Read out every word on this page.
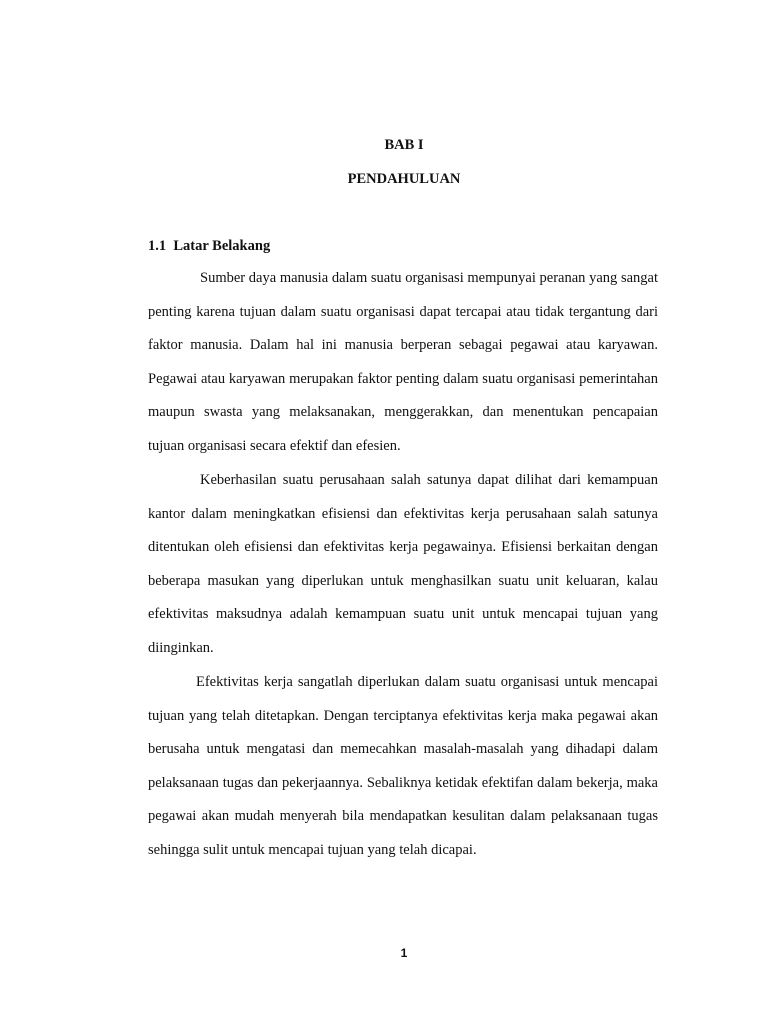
BAB I
PENDAHULUAN
1.1  Latar Belakang

Sumber daya manusia dalam suatu organisasi mempunyai peranan yang sangat penting karena tujuan dalam suatu organisasi dapat tercapai atau tidak tergantung dari faktor manusia. Dalam hal ini manusia berperan sebagai pegawai atau karyawan. Pegawai atau karyawan merupakan faktor penting dalam suatu organisasi pemerintahan maupun swasta yang melaksanakan, menggerakkan, dan menentukan pencapaian tujuan organisasi secara efektif dan efesien.

Keberhasilan suatu perusahaan salah satunya dapat dilihat dari kemampuan kantor dalam meningkatkan efisiensi dan efektivitas kerja perusahaan salah satunya ditentukan oleh efisiensi dan efektivitas kerja pegawainya. Efisiensi berkaitan dengan beberapa masukan yang diperlukan untuk menghasilkan suatu unit keluaran, kalau efektivitas maksudnya adalah kemampuan suatu unit untuk mencapai tujuan yang diinginkan.

Efektivitas kerja sangatlah diperlukan dalam suatu organisasi untuk mencapai tujuan yang telah ditetapkan. Dengan terciptanya efektivitas kerja maka pegawai akan berusaha untuk mengatasi dan memecahkan masalah-masalah yang dihadapi dalam pelaksanaan tugas dan pekerjaannya. Sebaliknya ketidak efektifan dalam bekerja, maka pegawai akan mudah menyerah bila mendapatkan kesulitan dalam pelaksanaan tugas sehingga sulit untuk mencapai tujuan yang telah dicapai.

1
